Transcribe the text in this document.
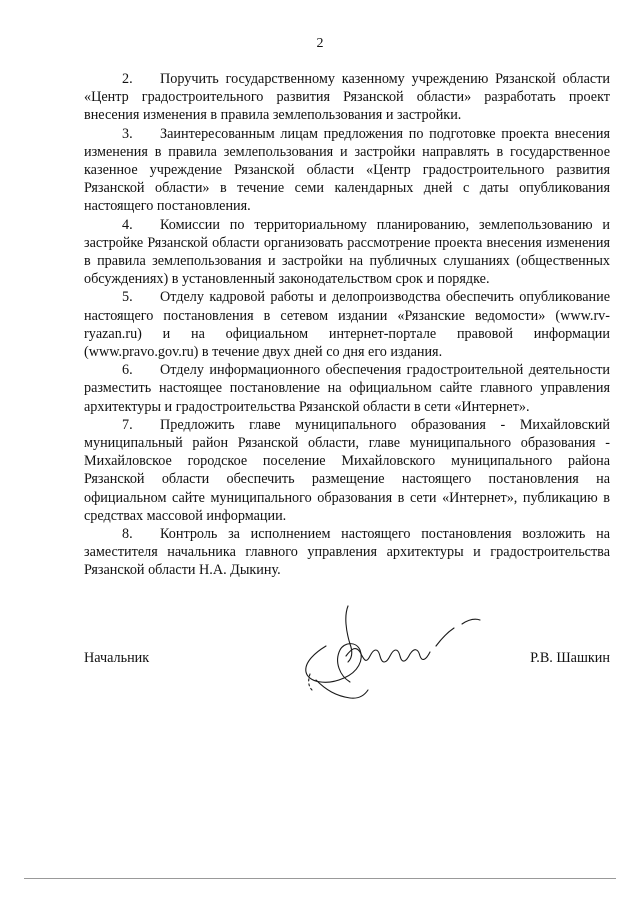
2

2. Поручить государственному казенному учреждению Рязанской области «Центр градостроительного развития Рязанской области» разработать проект внесения изменения в правила землепользования и застройки.

3. Заинтересованным лицам предложения по подготовке проекта внесения изменения в правила землепользования и застройки направлять в государственное казенное учреждение Рязанской области «Центр градостроительного развития Рязанской области» в течение семи календарных дней с даты опубликования настоящего постановления.

4. Комиссии по территориальному планированию, землепользованию и застройке Рязанской области организовать рассмотрение проекта внесения изменения в правила землепользования и застройки на публичных слушаниях (общественных обсуждениях) в установленный законодательством срок и порядке.

5. Отделу кадровой работы и делопроизводства обеспечить опубликование настоящего постановления в сетевом издании «Рязанские ведомости» (www.rv-ryazan.ru) и на официальном интернет-портале правовой информации (www.pravo.gov.ru) в течение двух дней со дня его издания.

6. Отделу информационного обеспечения градостроительной деятельности разместить настоящее постановление на официальном сайте главного управления архитектуры и градостроительства Рязанской области в сети «Интернет».

7. Предложить главе муниципального образования - Михайловский муниципальный район Рязанской области, главе муниципального образования - Михайловское городское поселение Михайловского муниципального района Рязанской области обеспечить размещение настоящего постановления на официальном сайте муниципального образования в сети «Интернет», публикацию в средствах массовой информации.

8. Контроль за исполнением настоящего постановления возложить на заместителя начальника главного управления архитектуры и градостроительства Рязанской области Н.А. Дыкину.

Начальник	Р.В. Шашкин
